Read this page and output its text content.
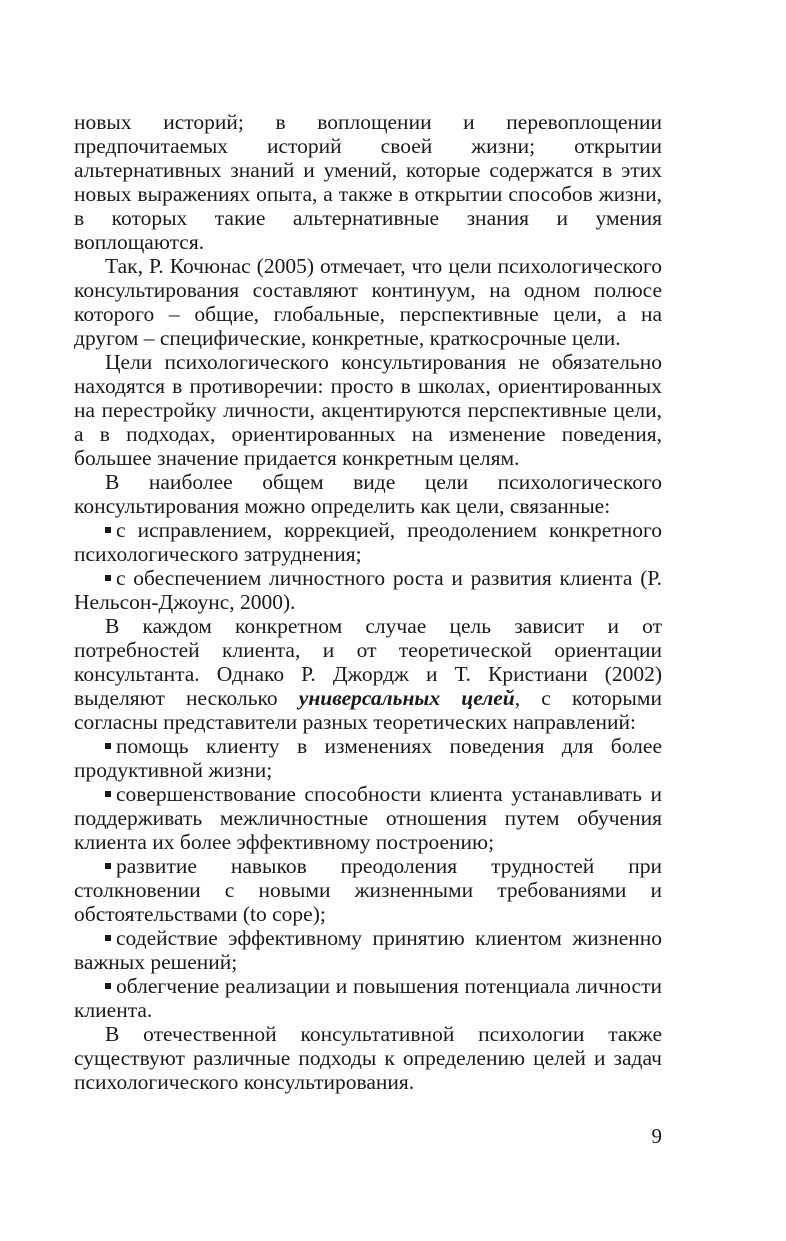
новых историй; в воплощении и перевоплощении предпочитаемых историй своей жизни; открытии альтернативных знаний и умений, которые содержатся в этих новых выражениях опыта, а также в открытии способов жизни, в которых такие альтернативные знания и умения воплощаются.

Так, Р. Кочюнас (2005) отмечает, что цели психологического консультирования составляют континуум, на одном полюсе которого – общие, глобальные, перспективные цели, а на другом – специфические, конкретные, краткосрочные цели.

Цели психологического консультирования не обязательно находятся в противоречии: просто в школах, ориентированных на перестройку личности, акцентируются перспективные цели, а в подходах, ориентированных на изменение поведения, большее значение придается конкретным целям.

В наиболее общем виде цели психологического консультирования можно определить как цели, связанные:

с исправлением, коррекцией, преодолением конкретного психологического затруднения;

с обеспечением личностного роста и развития клиента (Р. Нельсон-Джоунс, 2000).

В каждом конкретном случае цель зависит и от потребностей клиента, и от теоретической ориентации консультанта. Однако Р. Джордж и Т. Кристиани (2002) выделяют несколько универсальных целей, с которыми согласны представители разных теоретических направлений:

помощь клиенту в изменениях поведения для более продуктивной жизни;

совершенствование способности клиента устанавливать и поддерживать межличностные отношения путем обучения клиента их более эффективному построению;

развитие навыков преодоления трудностей при столкновении с новыми жизненными требованиями и обстоятельствами (to cope);

содействие эффективному принятию клиентом жизненно важных решений;

облегчение реализации и повышения потенциала личности клиента.

В отечественной консультативной психологии также существуют различные подходы к определению целей и задач психологического консультирования.

9
